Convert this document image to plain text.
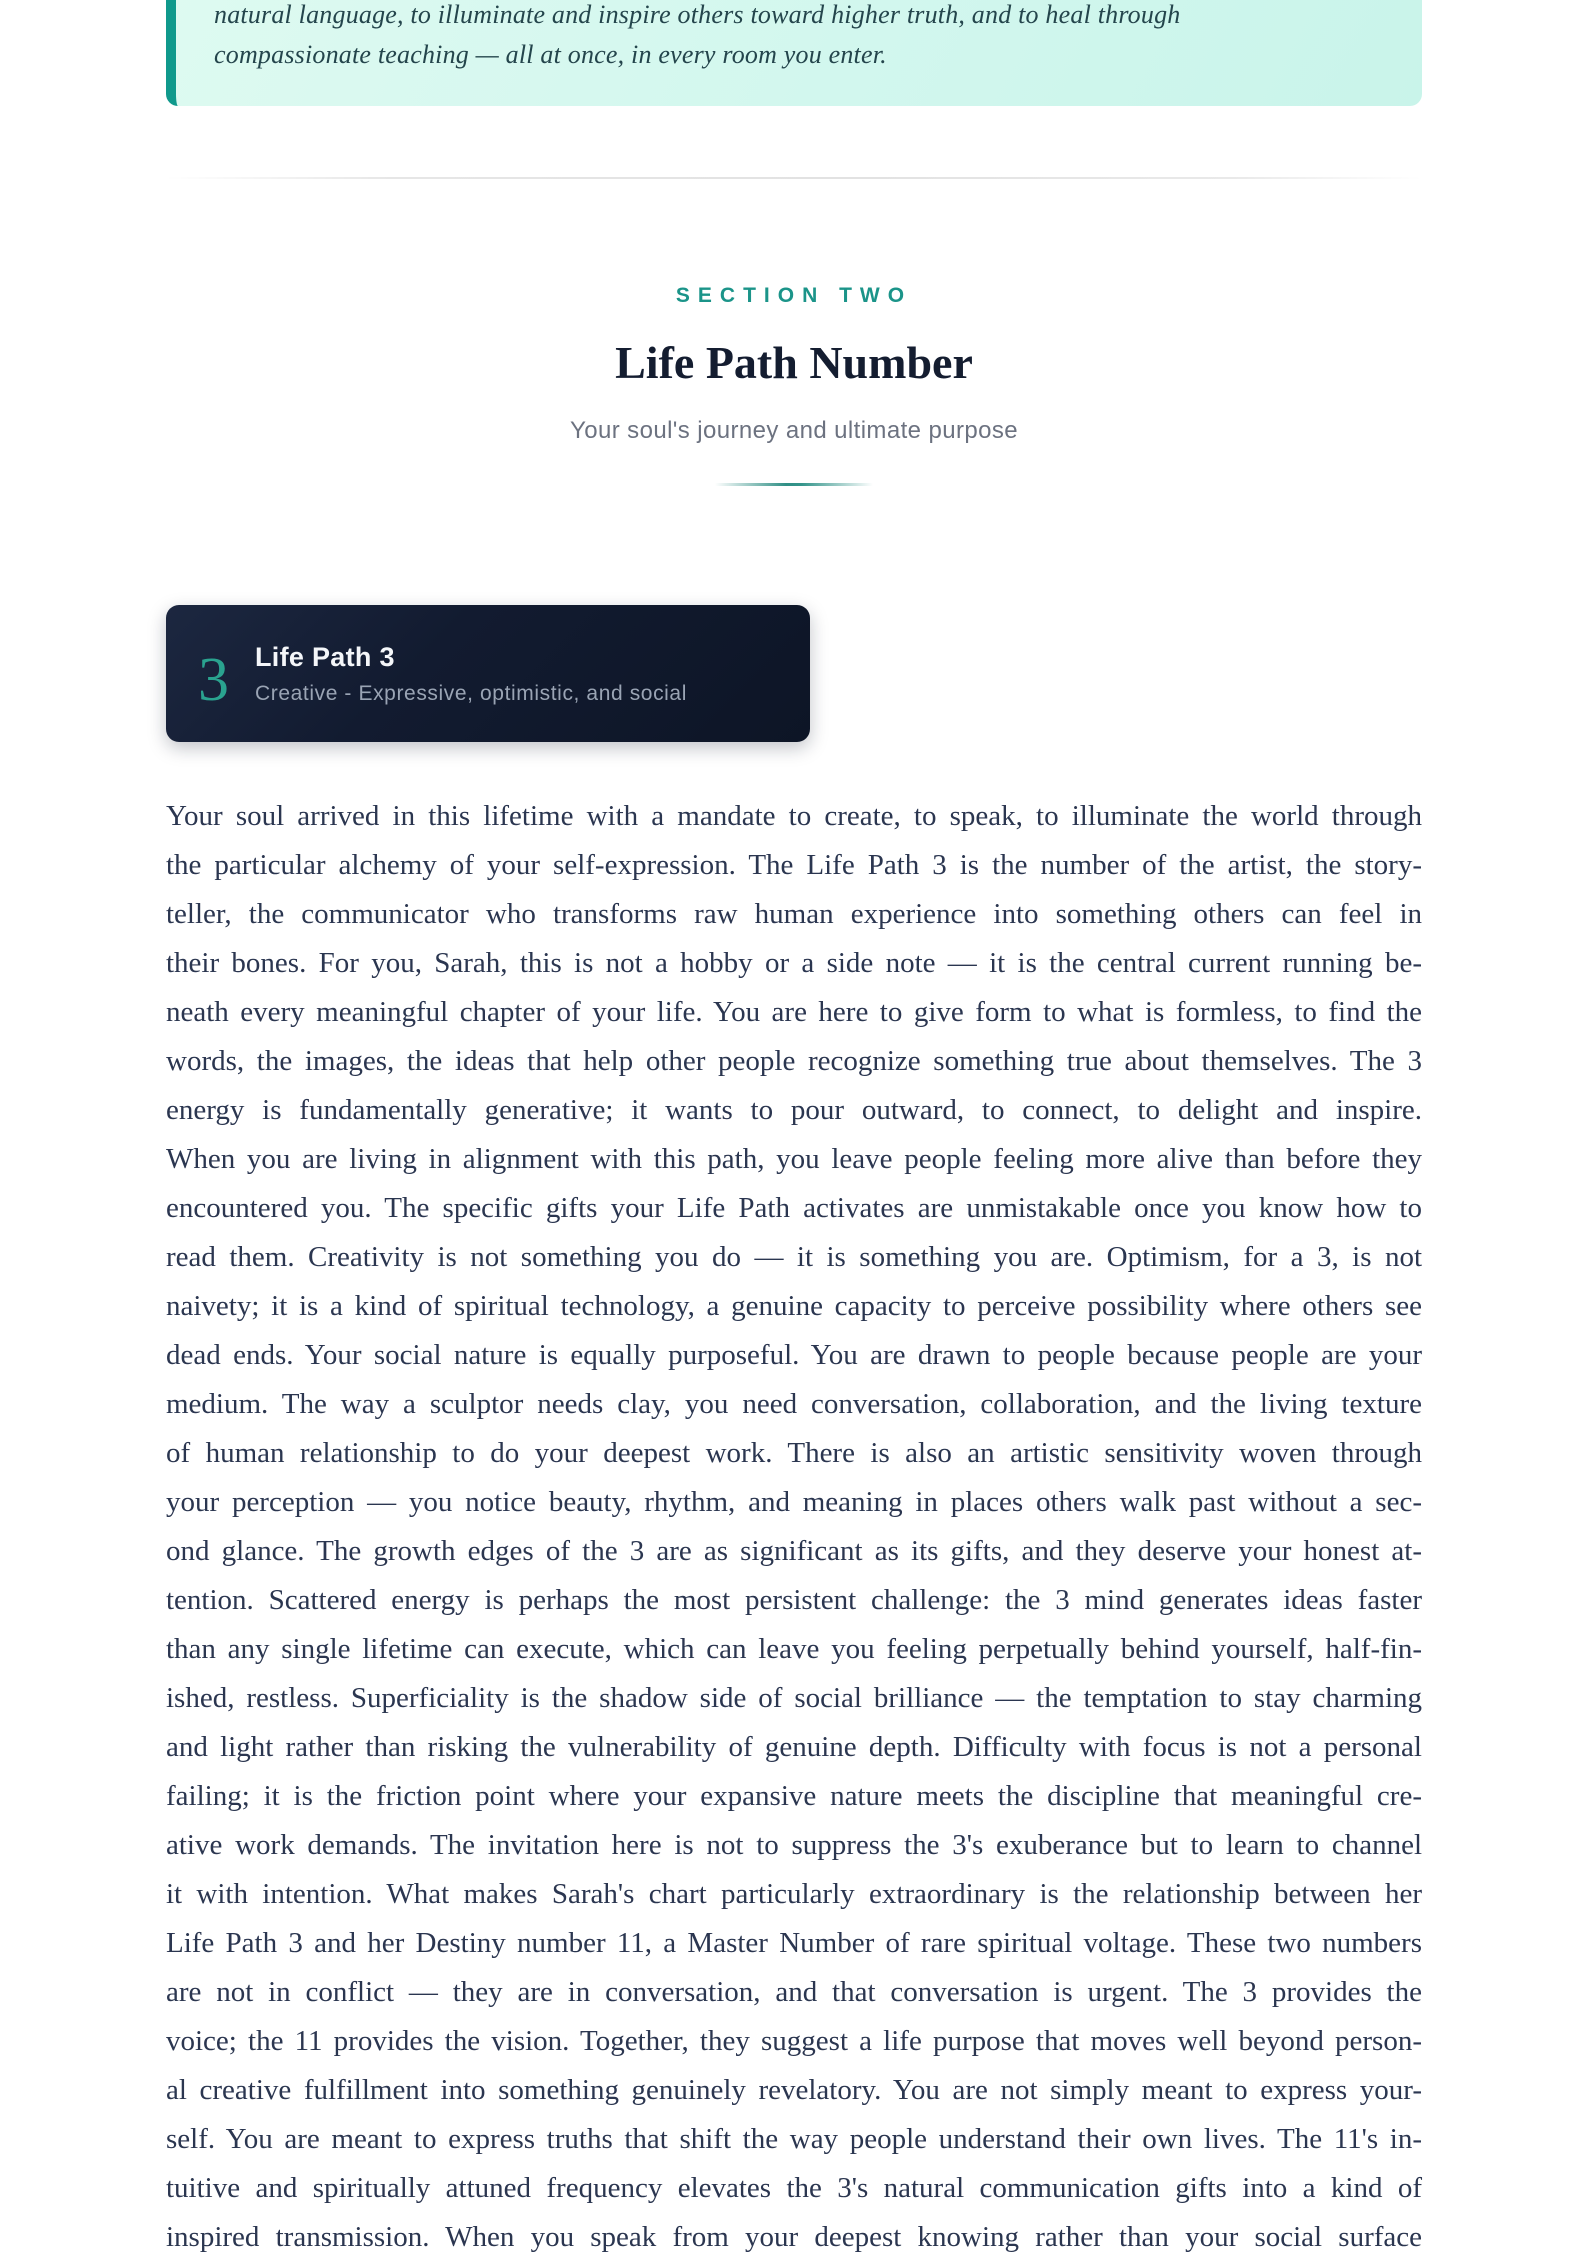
natural language, to illuminate and inspire others toward higher truth, and to heal through
compassionate teaching — all at once, in every room you enter.
SECTION TWO
Life Path Number
Your soul's journey and ultimate purpose
3 Life Path 3
Creative - Expressive, optimistic, and social
Your soul arrived in this lifetime with a mandate to create, to speak, to illuminate the world through
the particular alchemy of your self-expression. The Life Path 3 is the number of the artist, the story-
teller, the communicator who transforms raw human experience into something others can feel in
their bones. For you, Sarah, this is not a hobby or a side note — it is the central current running be-
neath every meaningful chapter of your life. You are here to give form to what is formless, to find the
words, the images, the ideas that help other people recognize something true about themselves. The 3
energy is fundamentally generative; it wants to pour outward, to connect, to delight and inspire.
When you are living in alignment with this path, you leave people feeling more alive than before they
encountered you. The specific gifts your Life Path activates are unmistakable once you know how to
read them. Creativity is not something you do — it is something you are. Optimism, for a 3, is not
naivety; it is a kind of spiritual technology, a genuine capacity to perceive possibility where others see
dead ends. Your social nature is equally purposeful. You are drawn to people because people are your
medium. The way a sculptor needs clay, you need conversation, collaboration, and the living texture
of human relationship to do your deepest work. There is also an artistic sensitivity woven through
your perception — you notice beauty, rhythm, and meaning in places others walk past without a sec-
ond glance. The growth edges of the 3 are as significant as its gifts, and they deserve your honest at-
tention. Scattered energy is perhaps the most persistent challenge: the 3 mind generates ideas faster
than any single lifetime can execute, which can leave you feeling perpetually behind yourself, half-fin-
ished, restless. Superficiality is the shadow side of social brilliance — the temptation to stay charming
and light rather than risking the vulnerability of genuine depth. Difficulty with focus is not a personal
failing; it is the friction point where your expansive nature meets the discipline that meaningful cre-
ative work demands. The invitation here is not to suppress the 3's exuberance but to learn to channel
it with intention. What makes Sarah's chart particularly extraordinary is the relationship between her
Life Path 3 and her Destiny number 11, a Master Number of rare spiritual voltage. These two numbers
are not in conflict — they are in conversation, and that conversation is urgent. The 3 provides the
voice; the 11 provides the vision. Together, they suggest a life purpose that moves well beyond person-
al creative fulfillment into something genuinely revelatory. You are not simply meant to express your-
self. You are meant to express truths that shift the way people understand their own lives. The 11's in-
tuitive and spiritually attuned frequency elevates the 3's natural communication gifts into a kind of
inspired transmission. When you speak from your deepest knowing rather than your social surface
